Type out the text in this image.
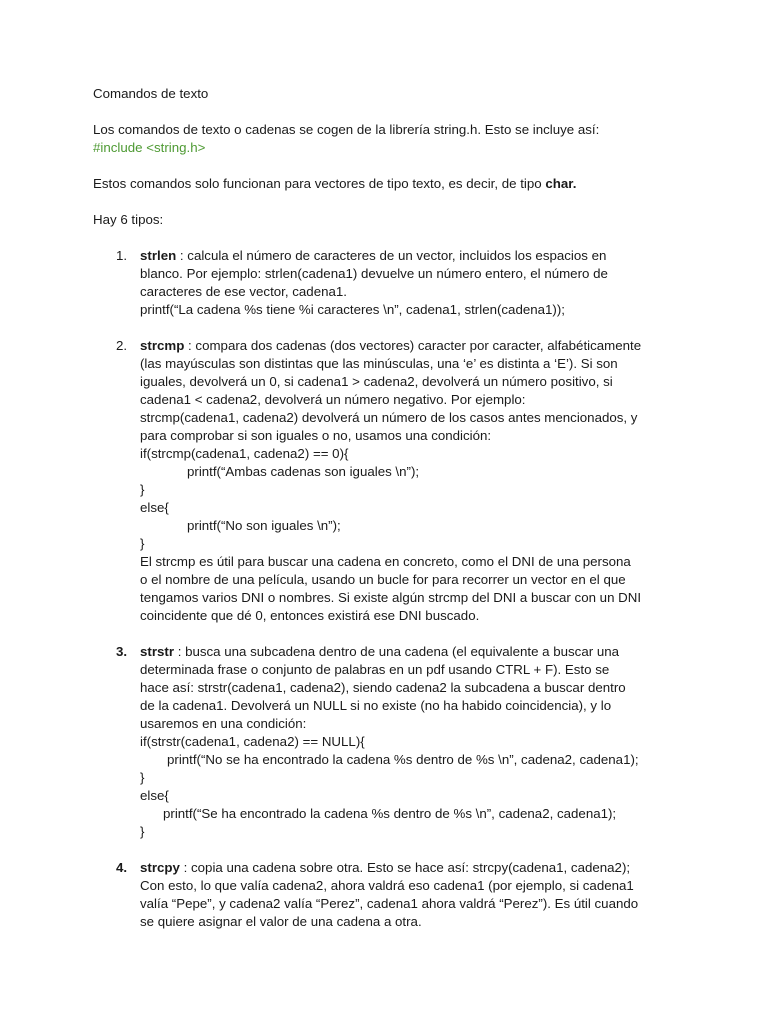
Comandos de texto

Los comandos de texto o cadenas se cogen de la librería string.h. Esto se incluye así:

#include <string.h>

Estos comandos solo funcionan para vectores de tipo texto, es decir, de tipo char.

Hay 6 tipos:

1. strlen : calcula el número de caracteres de un vector, incluidos los espacios en
blanco. Por ejemplo: strlen(cadena1) devuelve un número entero, el número de
caracteres de ese vector, cadena1.
printf(“La cadena %s tiene %i caracteres \n”, cadena1, strlen(cadena1));
2. strcmp : compara dos cadenas (dos vectores) caracter por caracter, alfabéticamente
(las mayúsculas son distintas que las minúsculas, una ‘e’ es distinta a ‘E’). Si son
iguales, devolverá un 0, si cadena1 > cadena2, devolverá un número positivo, si
cadena1 < cadena2, devolverá un número negativo. Por ejemplo:
strcmp(cadena1, cadena2) devolverá un número de los casos antes mencionados, y
para comprobar si son iguales o no, usamos una condición:
if(strcmp(cadena1, cadena2) == 0){
printf(“Ambas cadenas son iguales \n”);
}
else{
printf(“No son iguales \n”);
}
El strcmp es útil para buscar una cadena en concreto, como el DNI de una persona
o el nombre de una película, usando un bucle for para recorrer un vector en el que
tengamos varios DNI o nombres. Si existe algún strcmp del DNI a buscar con un DNI
coincidente que dé 0, entonces existirá ese DNI buscado.
3. strstr : busca una subcadena dentro de una cadena (el equivalente a buscar una
determinada frase o conjunto de palabras en un pdf usando CTRL + F). Esto se
hace así: strstr(cadena1, cadena2), siendo cadena2 la subcadena a buscar dentro
de la cadena1. Devolverá un NULL si no existe (no ha habido coincidencia), y lo
usaremos en una condición:
if(strstr(cadena1, cadena2) == NULL){
printf(“No se ha encontrado la cadena %s dentro de %s \n”, cadena2, cadena1);
}
else{
printf(“Se ha encontrado la cadena %s dentro de %s \n”, cadena2, cadena1);
}
4. strcpy : copia una cadena sobre otra. Esto se hace así: strcpy(cadena1, cadena2);
Con esto, lo que valía cadena2, ahora valdrá eso cadena1 (por ejemplo, si cadena1
valía “Pepe”, y cadena2 valía “Perez”, cadena1 ahora valdrá “Perez”). Es útil cuando
se quiere asignar el valor de una cadena a otra.
